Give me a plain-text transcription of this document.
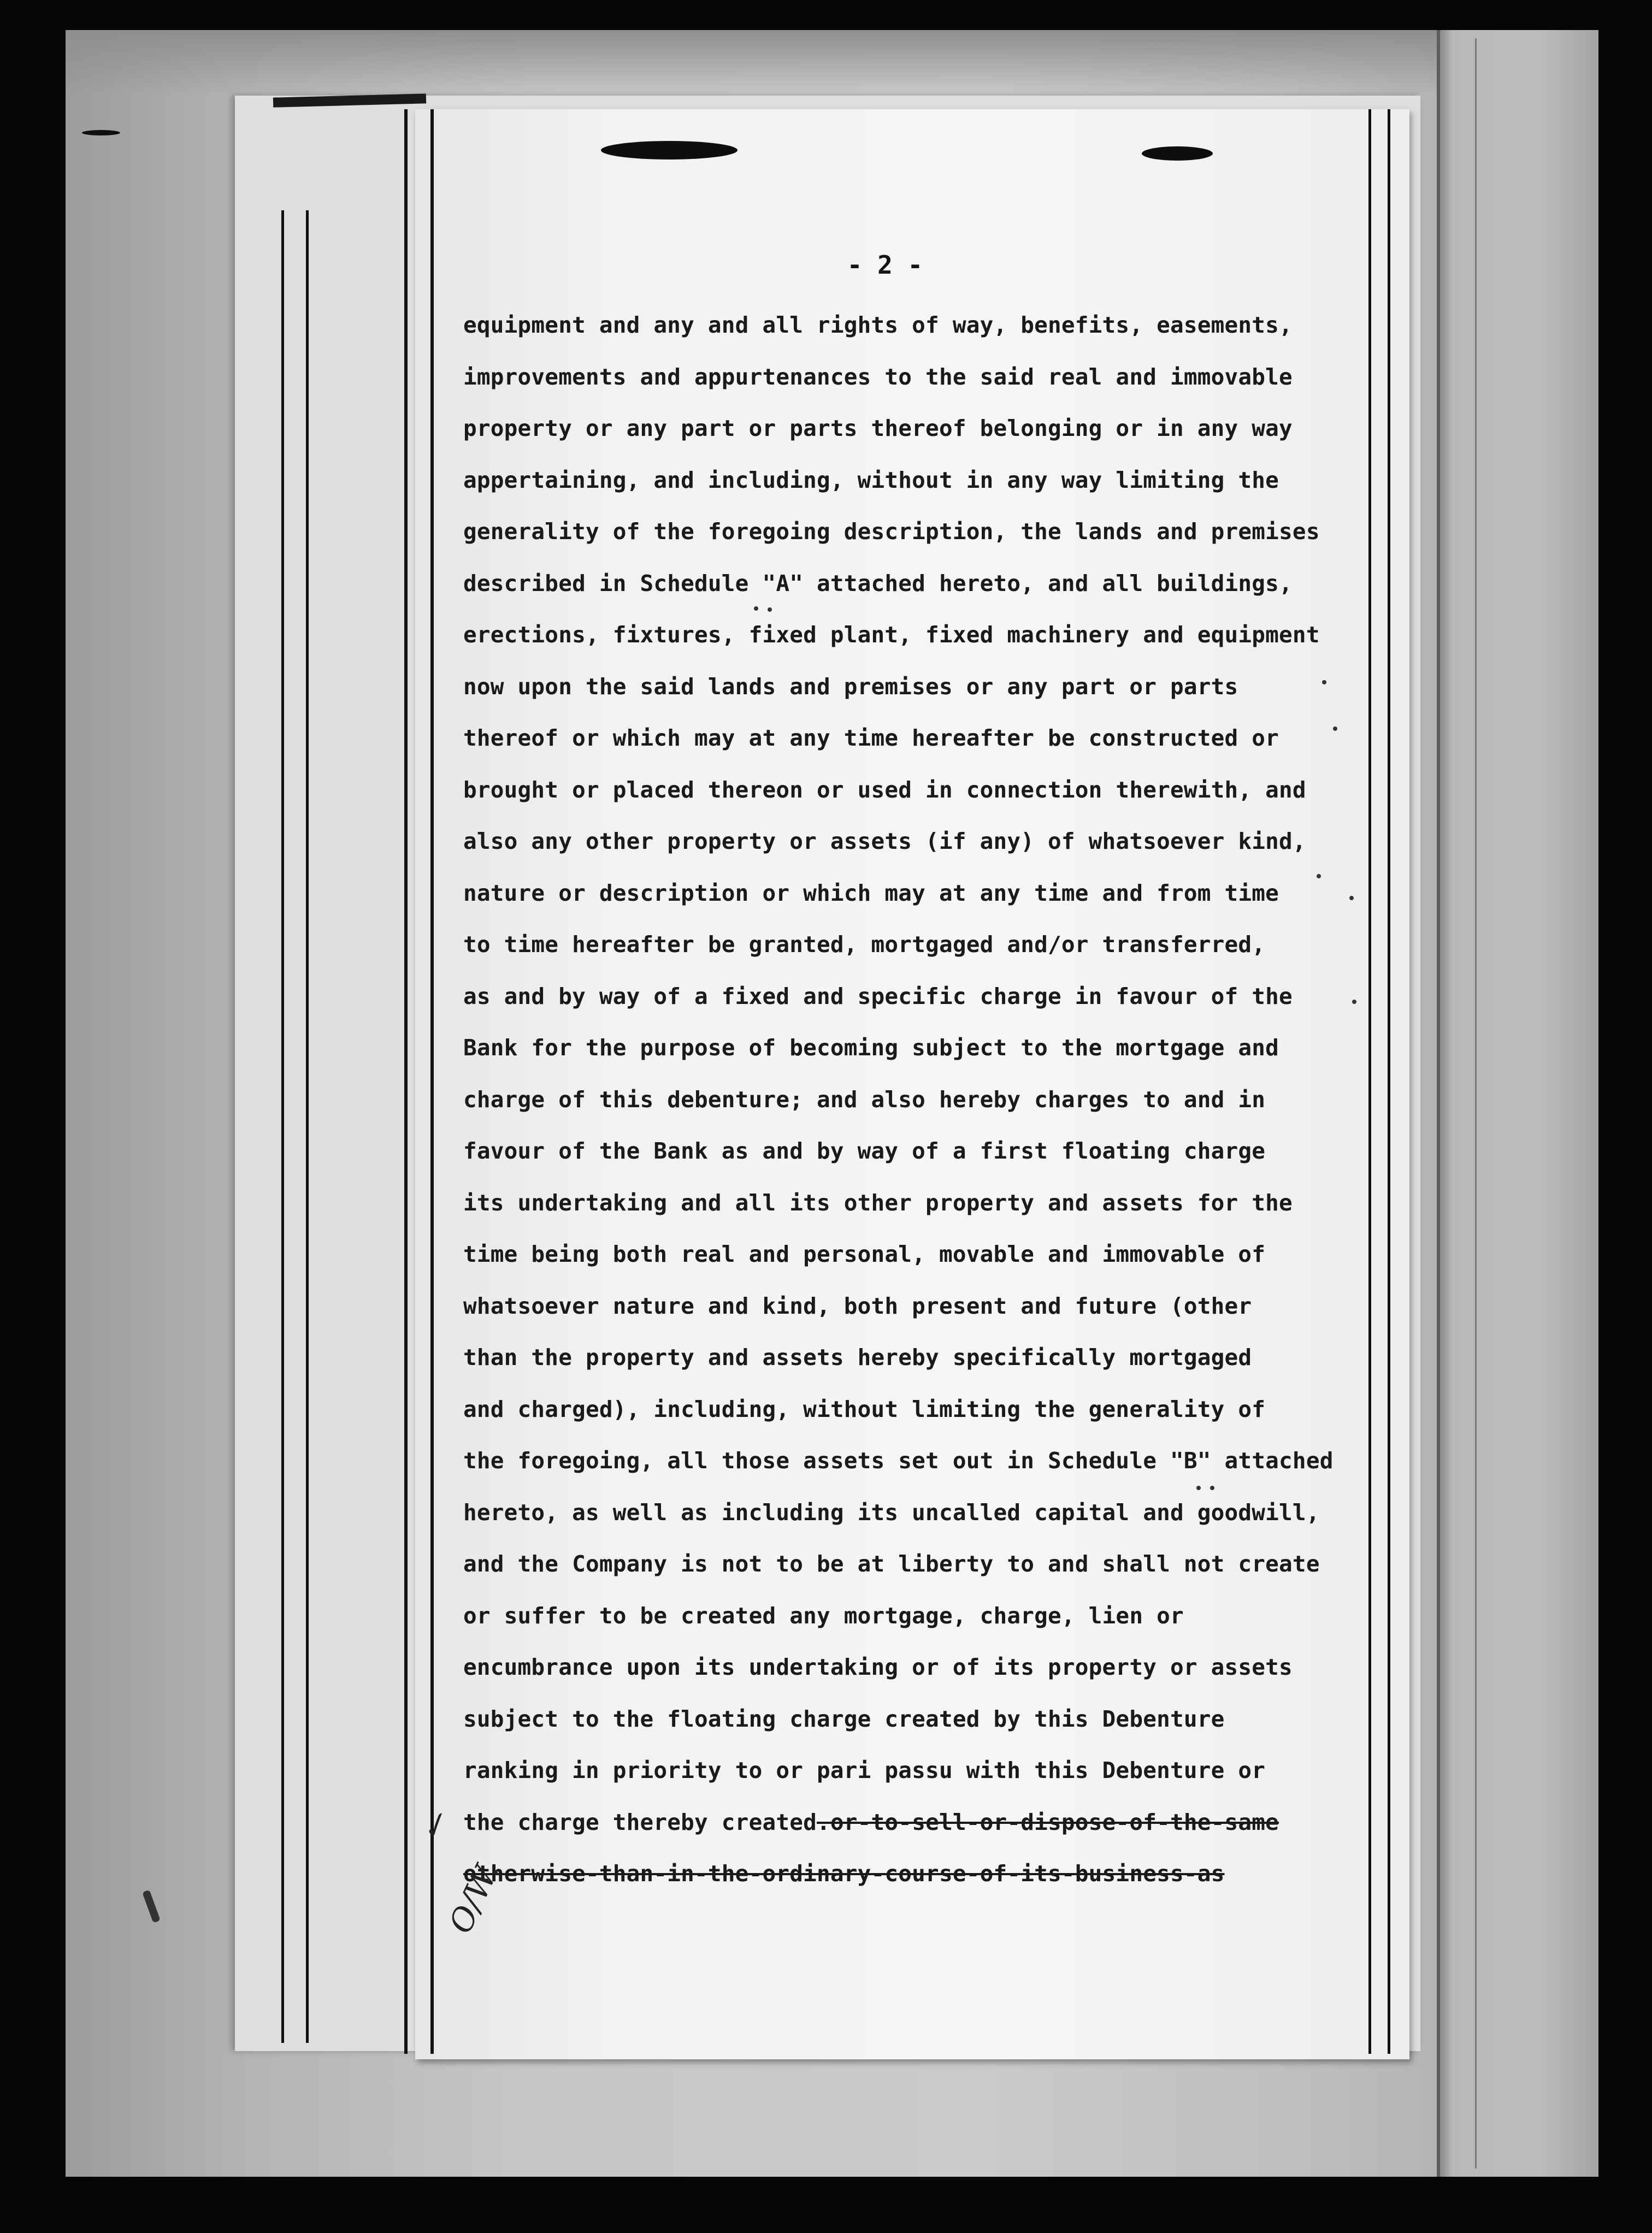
- 2 -
equipment and any and all rights of way, benefits, easements,
improvements and appurtenances to the said real and immovable
property or any part or parts thereof belonging or in any way
appertaining, and including, without in any way limiting the
generality of the foregoing description, the lands and premises
described in Schedule "A" attached hereto, and all buildings,
erections, fixtures, fixed plant, fixed machinery and equipment
now upon the said lands and premises or any part or parts
thereof or which may at any time hereafter be constructed or
brought or placed thereon or used in connection therewith, and
also any other property or assets (if any) of whatsoever kind,
nature or description or which may at any time and from time
to time hereafter be granted, mortgaged and/or transferred,
as and by way of a fixed and specific charge in favour of the
Bank for the purpose of becoming subject to the mortgage and
charge of this debenture; and also hereby charges to and in
favour of the Bank as and by way of a first floating charge
its undertaking and all its other property and assets for the
time being both real and personal, movable and immovable of
whatsoever nature and kind, both present and future (other
than the property and assets hereby specifically mortgaged
and charged), including, without limiting the generality of
the foregoing, all those assets set out in Schedule "B" attached
hereto, as well as including its uncalled capital and goodwill,
and the Company is not to be at liberty to and shall not create
or suffer to be created any mortgage, charge, lien or
encumbrance upon its undertaking or of its property or assets
subject to the floating charge created by this Debenture
ranking in priority to or pari passu with this Debenture or
the charge thereby created.or-to-sell-or-dispose-of-the-same
otherwise-than-in-the-ordinary-course-of-its-business-as
✓
O/W.
